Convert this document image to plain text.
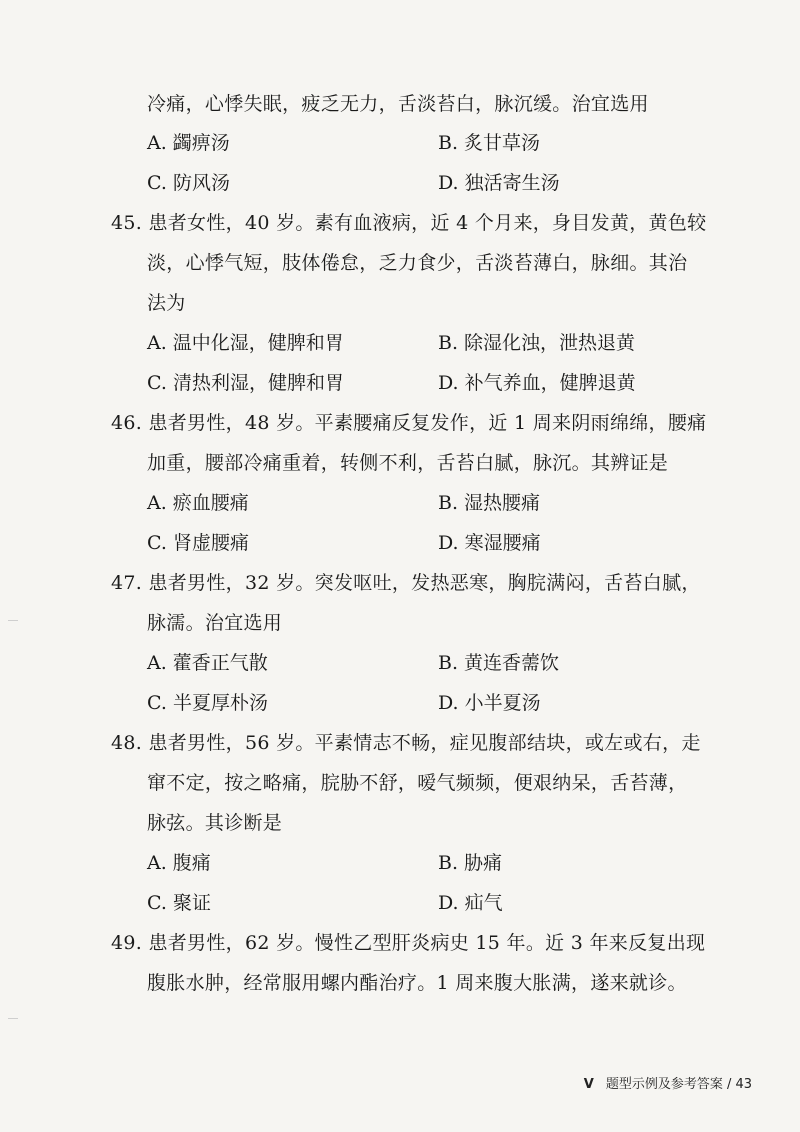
冷痛，心悸失眠，疲乏无力，舌淡苔白，脉沉缓。治宜选用
A. 蠲痹汤	B. 炙甘草汤
C. 防风汤	D. 独活寄生汤
45. 患者女性，40 岁。素有血液病，近 4 个月来，身目发黄，黄色较
淡，心悸气短，肢体倦怠，乏力食少，舌淡苔薄白，脉细。其治
法为
A. 温中化湿，健脾和胃	B. 除湿化浊，泄热退黄
C. 清热利湿，健脾和胃	D. 补气养血，健脾退黄
46. 患者男性，48 岁。平素腰痛反复发作，近 1 周来阴雨绵绵，腰痛
加重，腰部冷痛重着，转侧不利，舌苔白腻，脉沉。其辨证是
A. 瘀血腰痛	B. 湿热腰痛
C. 肾虚腰痛	D. 寒湿腰痛
47. 患者男性，32 岁。突发呕吐，发热恶寒，胸脘满闷，舌苔白腻，
脉濡。治宜选用
A. 藿香正气散	B. 黄连香薷饮
C. 半夏厚朴汤	D. 小半夏汤
48. 患者男性，56 岁。平素情志不畅，症见腹部结块，或左或右，走
窜不定，按之略痛，脘胁不舒，嗳气频频，便艰纳呆，舌苔薄，
脉弦。其诊断是
A. 腹痛	B. 胁痛
C. 聚证	D. 疝气
49. 患者男性，62 岁。慢性乙型肝炎病史 15 年。近 3 年来反复出现
腹胀水肿，经常服用螺内酯治疗。1 周来腹大胀满，遂来就诊。
V 题型示例及参考答案 / 43
